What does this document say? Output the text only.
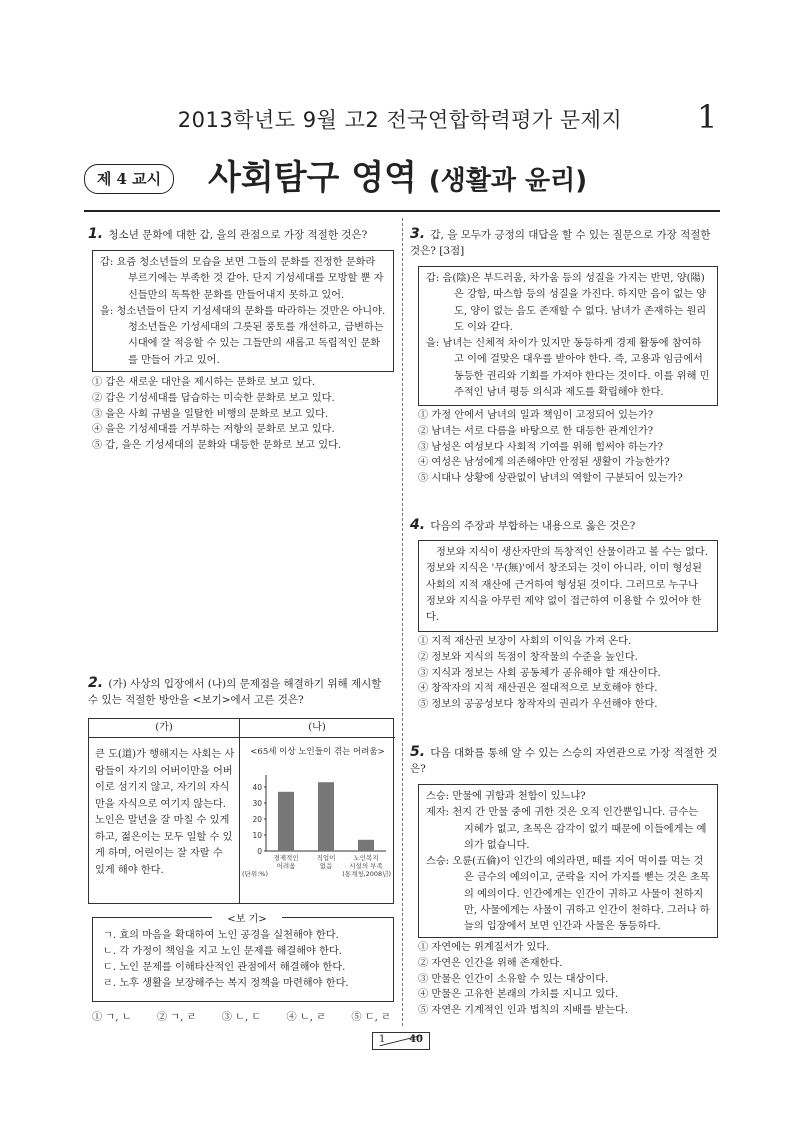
2013학년도 9월 고2 전국연합학력평가 문제지	1
제 4 교시	사회탐구 영역 (생활과 윤리)
1. 청소년 문화에 대한 갑, 을의 관점으로 가장 적절한 것은?

갑: 요즘 청소년들의 모습을 보면 그들의 문화를 진정한 문화라 부르기에는 부족한 것 같아. 단지 기성세대를 모방할 뿐 자신들만의 독특한 문화를 만들어내지 못하고 있어.

을: 청소년들이 단지 기성세대의 문화를 따라하는 것만은 아니야. 청소년들은 기성세대의 그릇된 풍토를 개선하고, 급변하는 시대에 잘 적응할 수 있는 그들만의 새롭고 독립적인 문화를 만들어 가고 있어.

① 갑은 새로운 대안을 제시하는 문화로 보고 있다.
② 갑은 기성세대를 답습하는 미숙한 문화로 보고 있다.
③ 을은 사회 규범을 일탈한 비행의 문화로 보고 있다.
④ 을은 기성세대를 거부하는 저항의 문화로 보고 있다.
⑤ 갑, 을은 기성세대의 문화와 대등한 문화로 보고 있다.
2. (가) 사상의 입장에서 (나)의 문제점을 해결하기 위해 제시할 수 있는 적절한 방안을 <보기>에서 고른 것은?
(가)	(나)
큰 도(道)가 행해지는 사회는 사람들이 자기의 어버이만을 어버이로 섬기지 않고, 자기의 자식만을 자식으로 여기지 않는다. 노인은 말년을 잘 마칠 수 있게 하고, 젊은이는 모두 일할 수 있게 하며, 어린이는 잘 자랄 수 있게 해야 한다.
<65세 이상 노인들이 겪는 어려움>
0
10
20
30
40
경제적인
어려움
직업이
없음
노인복지
시설의 부족
(단위:%)	(통계청,2008년)
<보 기>
ㄱ. 효의 마음을 확대하여 노인 공경을 실천해야 한다.
ㄴ. 각 가정이 책임을 지고 노인 문제를 해결해야 한다.
ㄷ. 노인 문제를 이해타산적인 관점에서 해결해야 한다.
ㄹ. 노후 생활을 보장해주는 복지 정책을 마련해야 한다.
① ㄱ, ㄴ ② ㄱ, ㄹ ③ ㄴ, ㄷ ④ ㄴ, ㄹ ⑤ ㄷ, ㄹ
3. 갑, 을 모두가 긍정의 대답을 할 수 있는 질문으로 가장 적절한 것은? [3점]

갑: 음(陰)은 부드러움, 차가움 등의 성질을 가지는 반면, 양(陽)은 강함, 따스함 등의 성질을 가진다. 하지만 음이 없는 양도, 양이 없는 음도 존재할 수 없다. 남녀가 존재하는 원리도 이와 같다.

을: 남녀는 신체적 차이가 있지만 동등하게 경제 활동에 참여하고 이에 걸맞은 대우를 받아야 한다. 즉, 고용과 임금에서 동등한 권리와 기회를 가져야 한다는 것이다. 이를 위해 민주적인 남녀 평등 의식과 제도를 확립해야 한다.

① 가정 안에서 남녀의 일과 책임이 고정되어 있는가?
② 남녀는 서로 다름을 바탕으로 한 대등한 관계인가?
③ 남성은 여성보다 사회적 기여를 위해 힘써야 하는가?
④ 여성은 남성에게 의존해야만 안정된 생활이 가능한가?
⑤ 시대나 상황에 상관없이 남녀의 역할이 구분되어 있는가?
4. 다음의 주장과 부합하는 내용으로 옳은 것은?
정보와 지식이 생산자만의 독창적인 산물이라고 볼 수는 없다. 정보와 지식은 '무(無)'에서 창조되는 것이 아니라, 이미 형성된 사회의 지적 재산에 근거하여 형성된 것이다. 그러므로 누구나 정보와 지식을 아무런 제약 없이 접근하여 이용할 수 있어야 한다.
① 지적 재산권 보장이 사회의 이익을 가져 온다.
② 정보와 지식의 독점이 창작물의 수준을 높인다.
③ 지식과 정보는 사회 공동체가 공유해야 할 재산이다.
④ 창작자의 지적 재산권은 절대적으로 보호해야 한다.
⑤ 정보의 공공성보다 창작자의 권리가 우선해야 한다.
5. 다음 대화를 통해 알 수 있는 스승의 자연관으로 가장 적절한 것은?

스승: 만물에 귀함과 천함이 있느냐?

제자: 천지 간 만물 중에 귀한 것은 오직 인간뿐입니다. 금수는 지혜가 없고, 초목은 감각이 없기 때문에 이들에게는 예의가 없습니다.

스승: 오륜(五倫)이 인간의 예의라면, 떼를 지어 먹이를 먹는 것은 금수의 예의이고, 군락을 지어 가지를 뻗는 것은 초목의 예의이다. 인간에게는 인간이 귀하고 사물이 천하지만, 사물에게는 사물이 귀하고 인간이 천하다. 그러나 하늘의 입장에서 보면 인간과 사물은 동등하다.

① 자연에는 위계질서가 있다.
② 자연은 인간을 위해 존재한다.
③ 만물은 인간이 소유할 수 있는 대상이다.
④ 만물은 고유한 본래의 가치를 지니고 있다.
⑤ 자연은 기계적인 인과 법칙의 지배를 받는다.
1 40
